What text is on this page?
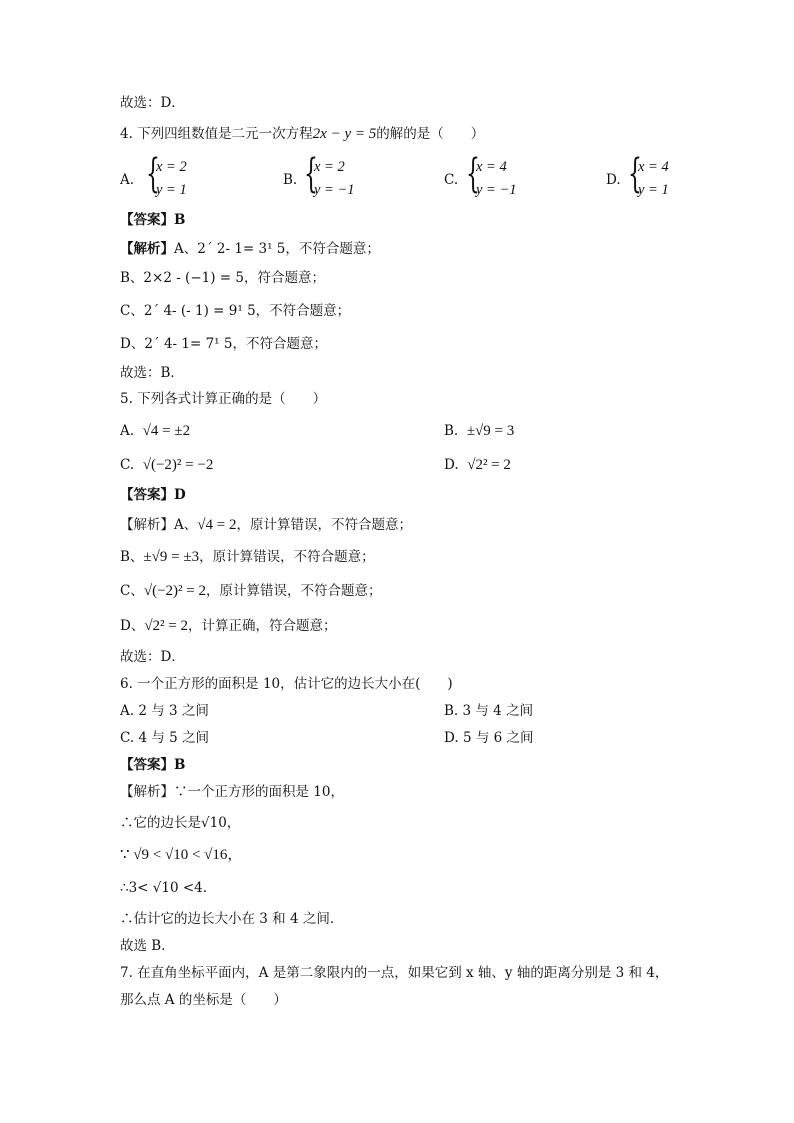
故选：D．
4. 下列四组数值是二元一次方程2x − y = 5的解的是（　　）
A. {
x = 2
y = 1
B. {
x = 2
y = −1
C. {
x = 4
y = −1
D. {
x = 4
y = 1
【答案】B
【解析】A、2´ 2- 1= 3¹ 5，不符合题意；
B、2×2 - (−1) = 5，符合题意；
C、2´ 4- (- 1) = 9¹ 5，不符合题意；
D、2´ 4- 1= 7¹ 5，不符合题意；
故选：B．
5. 下列各式计算正确的是（　　）
A. √4 = ±2	B. ±√9 = 3
C. √(−2)² = −2	D. √2² = 2
【答案】D
【解析】A、√4 = 2，原计算错误，不符合题意；
B、±√9 = ±3，原计算错误，不符合题意；
C、√(−2)² = 2，原计算错误，不符合题意；
D、√2² = 2，计算正确，符合题意；
故选：D．
6. 一个正方形的面积是 10，估计它的边长大小在(　　)
A. 2 与 3 之间	B. 3 与 4 之间
C. 4 与 5 之间	D. 5 与 6 之间
【答案】B
【解析】∵一个正方形的面积是 10，
∴它的边长是√10，
∵ √9 < √10 < √16，
∴3< √10 <4．
∴估计它的边长大小在 3 和 4 之间．
故选 B．
7. 在直角坐标平面内，A 是第二象限内的一点，如果它到 x 轴、y 轴的距离分别是 3 和 4，
那么点 A 的坐标是（　　）
